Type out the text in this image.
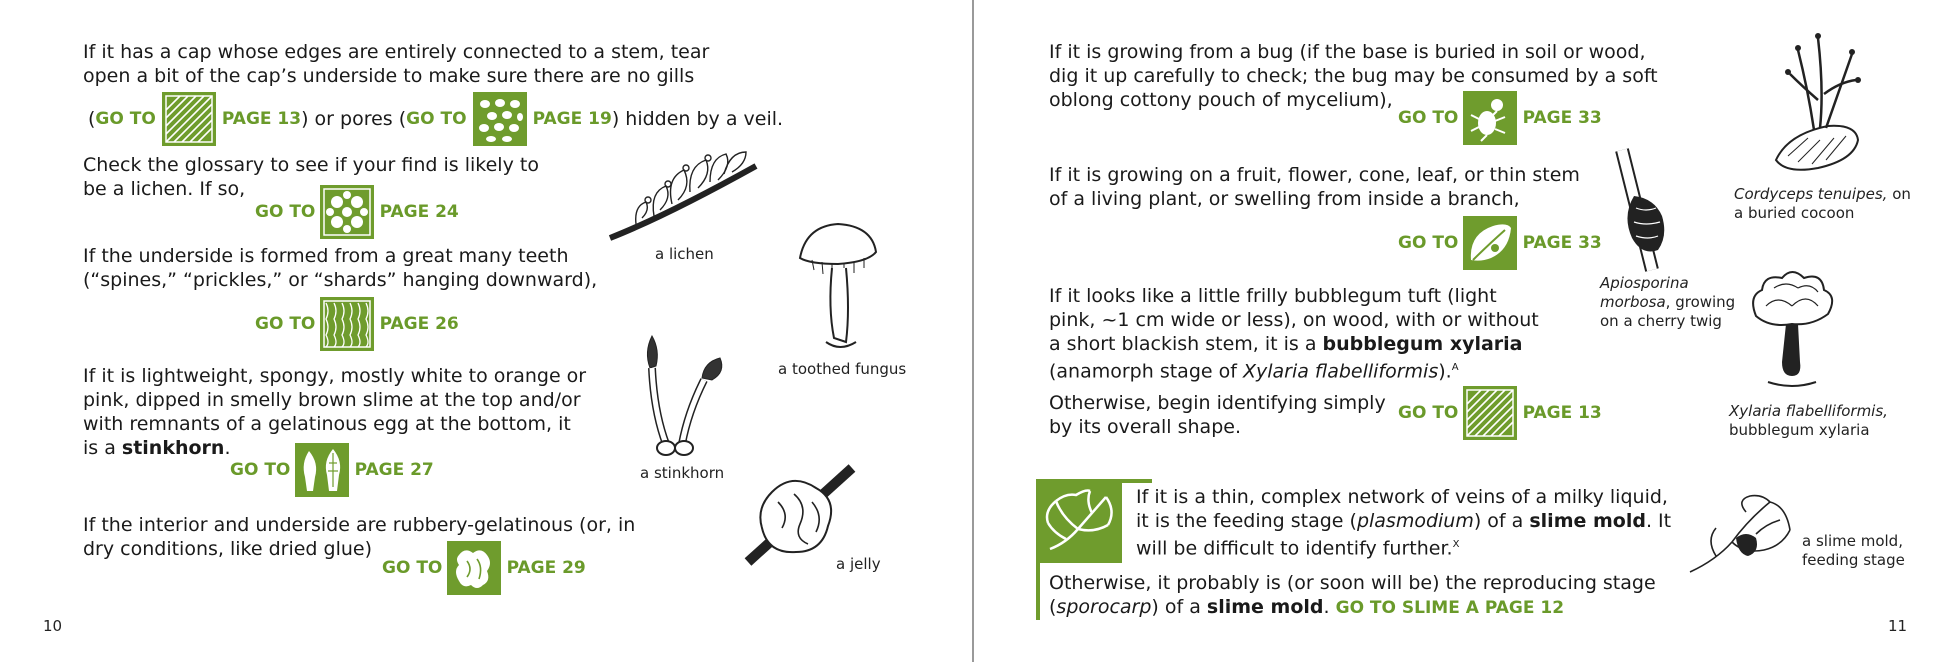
If it has a cap whose edges are entirely connected to a stem, tear
open a bit of the cap’s underside to make sure there are no gills
( GO TO

	PAGE 13 ) or pores ( GO TO

	PAGE 19 ) hidden by a veil.
Check the glossary to see if your find is likely to
be a lichen. If so,
GO TO

	PAGE 24
If the underside is formed from a great many teeth
(“spines,” “prickles,” or “shards” hanging downward),
GO TO

	PAGE 26
If it is lightweight, spongy, mostly white to orange or
pink, dipped in smelly brown slime at the top and/or
with remnants of a gelatinous egg at the bottom, it
is a stinkhorn.
GO TO

	PAGE 27
If the interior and underside are rubbery-gelatinous (or, in
dry conditions, like dried glue)
GO TO

	PAGE 29
a lichen
a toothed fungus
a stinkhorn
a jelly
10
If it is growing from a bug (if the base is buried in soil or wood,
dig it up carefully to check; the bug may be consumed by a soft
oblong cottony pouch of mycelium),
GO TO

	PAGE 33
If it is growing on a fruit, flower, cone, leaf, or thin stem
of a living plant, or swelling from inside a branch,
GO TO

	PAGE 33
If it looks like a little frilly bubblegum tuft (light
pink, ~1 cm wide or less), on wood, with or without
a short blackish stem, it is a bubblegum xylaria
(anamorph stage of Xylaria flabelliformis).$^A$
Otherwise, begin identifying simply
by its overall shape.
GO TO

	PAGE 13
If it is a thin, complex network of veins of a milky liquid,
it is the feeding stage (plasmodium) of a slime mold. It
will be difficult to identify further.$^X$
Otherwise, it probably is (or soon will be) the reproducing stage
(sporocarp) of a slime mold. GO TO SLIME A PAGE 12
Cordyceps tenuipes, on
a buried cocoon
Apiosporina
morbosa, growing
on a cherry twig
Xylaria flabelliformis,
bubblegum xylaria
a slime mold,
feeding stage
11
